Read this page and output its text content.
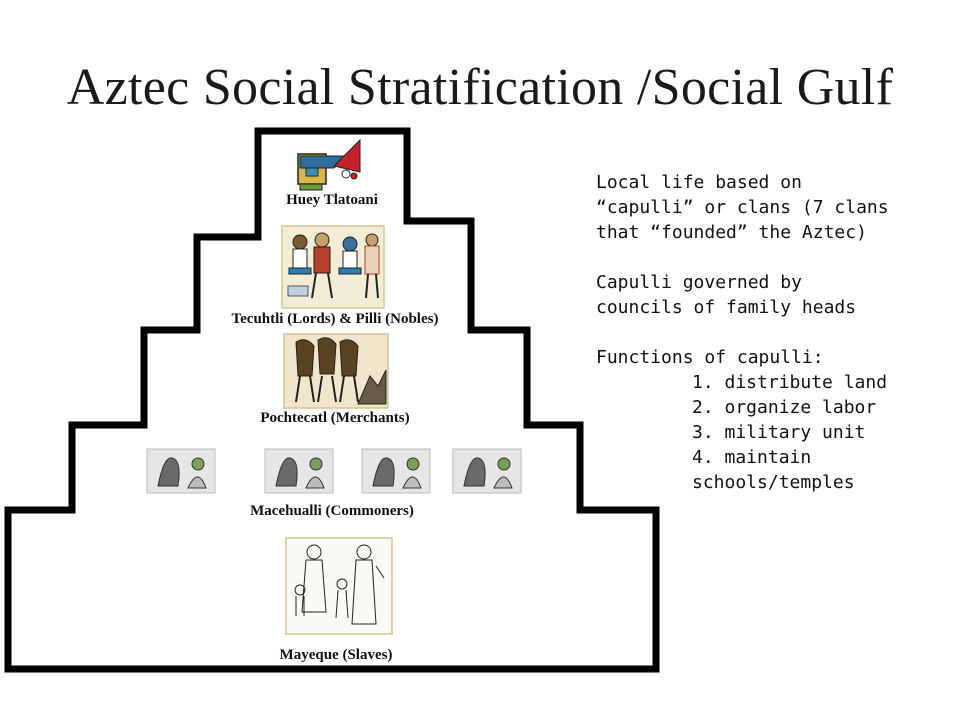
Aztec Social Stratification /Social Gulf
Huey Tlatoani
Tecuhtli (Lords) & Pilli (Nobles)
Pochtecatl (Merchants)
Macehualli (Commoners)
Mayeque (Slaves)

Local life based on

“capulli” or clans (7 clans

that “founded” the Aztec)

Capulli governed by

councils of family heads

Functions of capulli:

1. distribute land

2. organize labor

3. military unit

4. maintain

schools/temples
